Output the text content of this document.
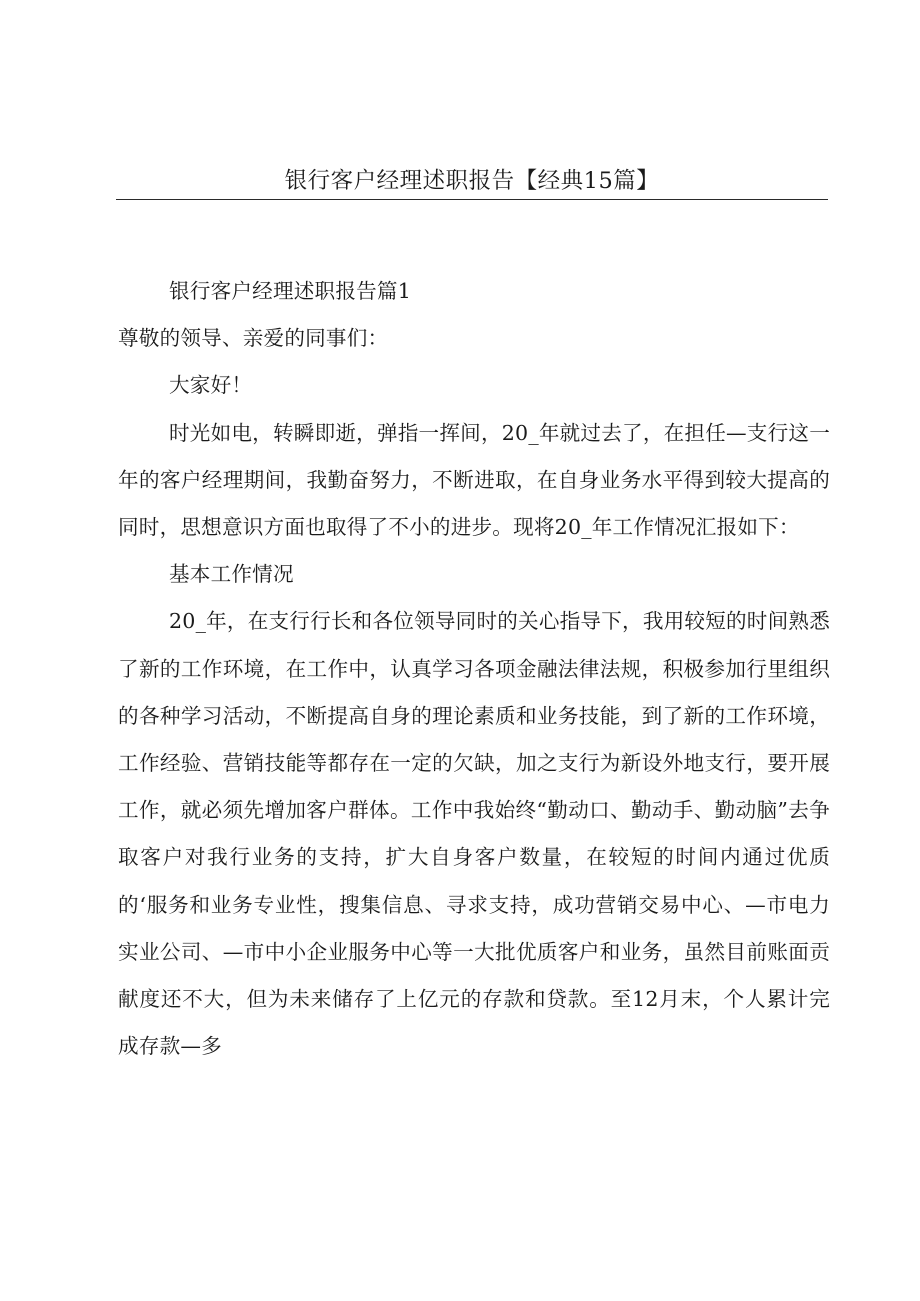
银行客户经理述职报告【经典15篇】

银行客户经理述职报告篇1

尊敬的领导、亲爱的同事们：

大家好！

时光如电，转瞬即逝，弹指一挥间，20_年就过去了，在担任—支行这一年的客户经理期间，我勤奋努力，不断进取，在自身业务水平得到较大提高的同时，思想意识方面也取得了不小的进步。现将20_年工作情况汇报如下：

基本工作情况

20_年，在支行行长和各位领导同时的关心指导下，我用较短的时间熟悉了新的工作环境，在工作中，认真学习各项金融法律法规，积极参加行里组织的各种学习活动，不断提高自身的理论素质和业务技能，到了新的工作环境，工作经验、营销技能等都存在一定的欠缺，加之支行为新设外地支行，要开展工作，就必须先增加客户群体。工作中我始终“勤动口、勤动手、勤动脑”去争取客户对我行业务的支持，扩大自身客户数量，在较短的时间内通过优质的‘服务和业务专业性，搜集信息、寻求支持，成功营销交易中心、—市电力实业公司、—市中小企业服务中心等一大批优质客户和业务，虽然目前账面贡献度还不大，但为未来储存了上亿元的存款和贷款。至12月末，个人累计完成存款—多
